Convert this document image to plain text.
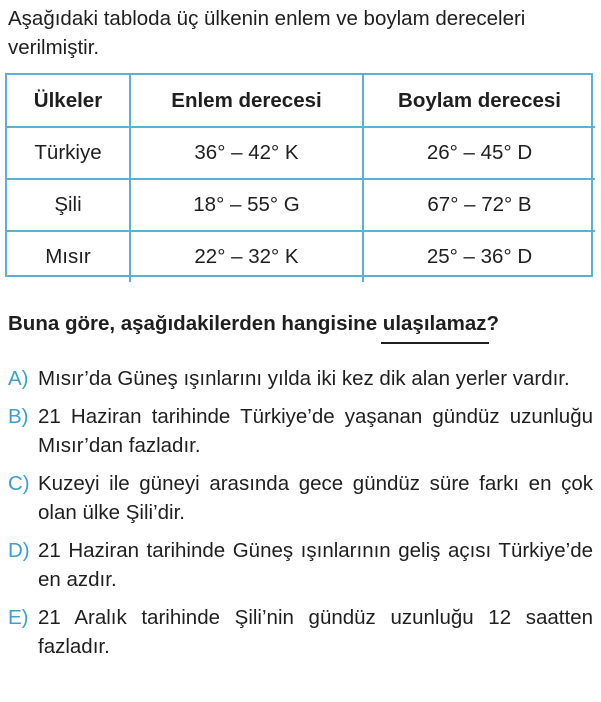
Aşağıdaki tabloda üç ülkenin enlem ve boylam dereceleri verilmiştir.

Ülkeler	Enlem derecesi	Boylam derecesi
Türkiye	36° – 42° K	26° – 45° D
Şili	18° – 55° G	67° – 72° B
Mısır	22° – 32° K	25° – 36° D

Buna göre, aşağıdakilerden hangisine ulaşılamaz?

A) Mısır’da Güneş ışınlarını yılda iki kez dik alan yerler vardır.
B) 21 Haziran tarihinde Türkiye’de yaşanan gündüz uzunluğu Mısır’dan fazladır.
C) Kuzeyi ile güneyi arasında gece gündüz süre farkı en çok olan ülke Şili’dir.
D) 21 Haziran tarihinde Güneş ışınlarının geliş açısı Türkiye’de en azdır.
E) 21 Aralık tarihinde Şili’nin gündüz uzunluğu 12 saatten fazladır.
